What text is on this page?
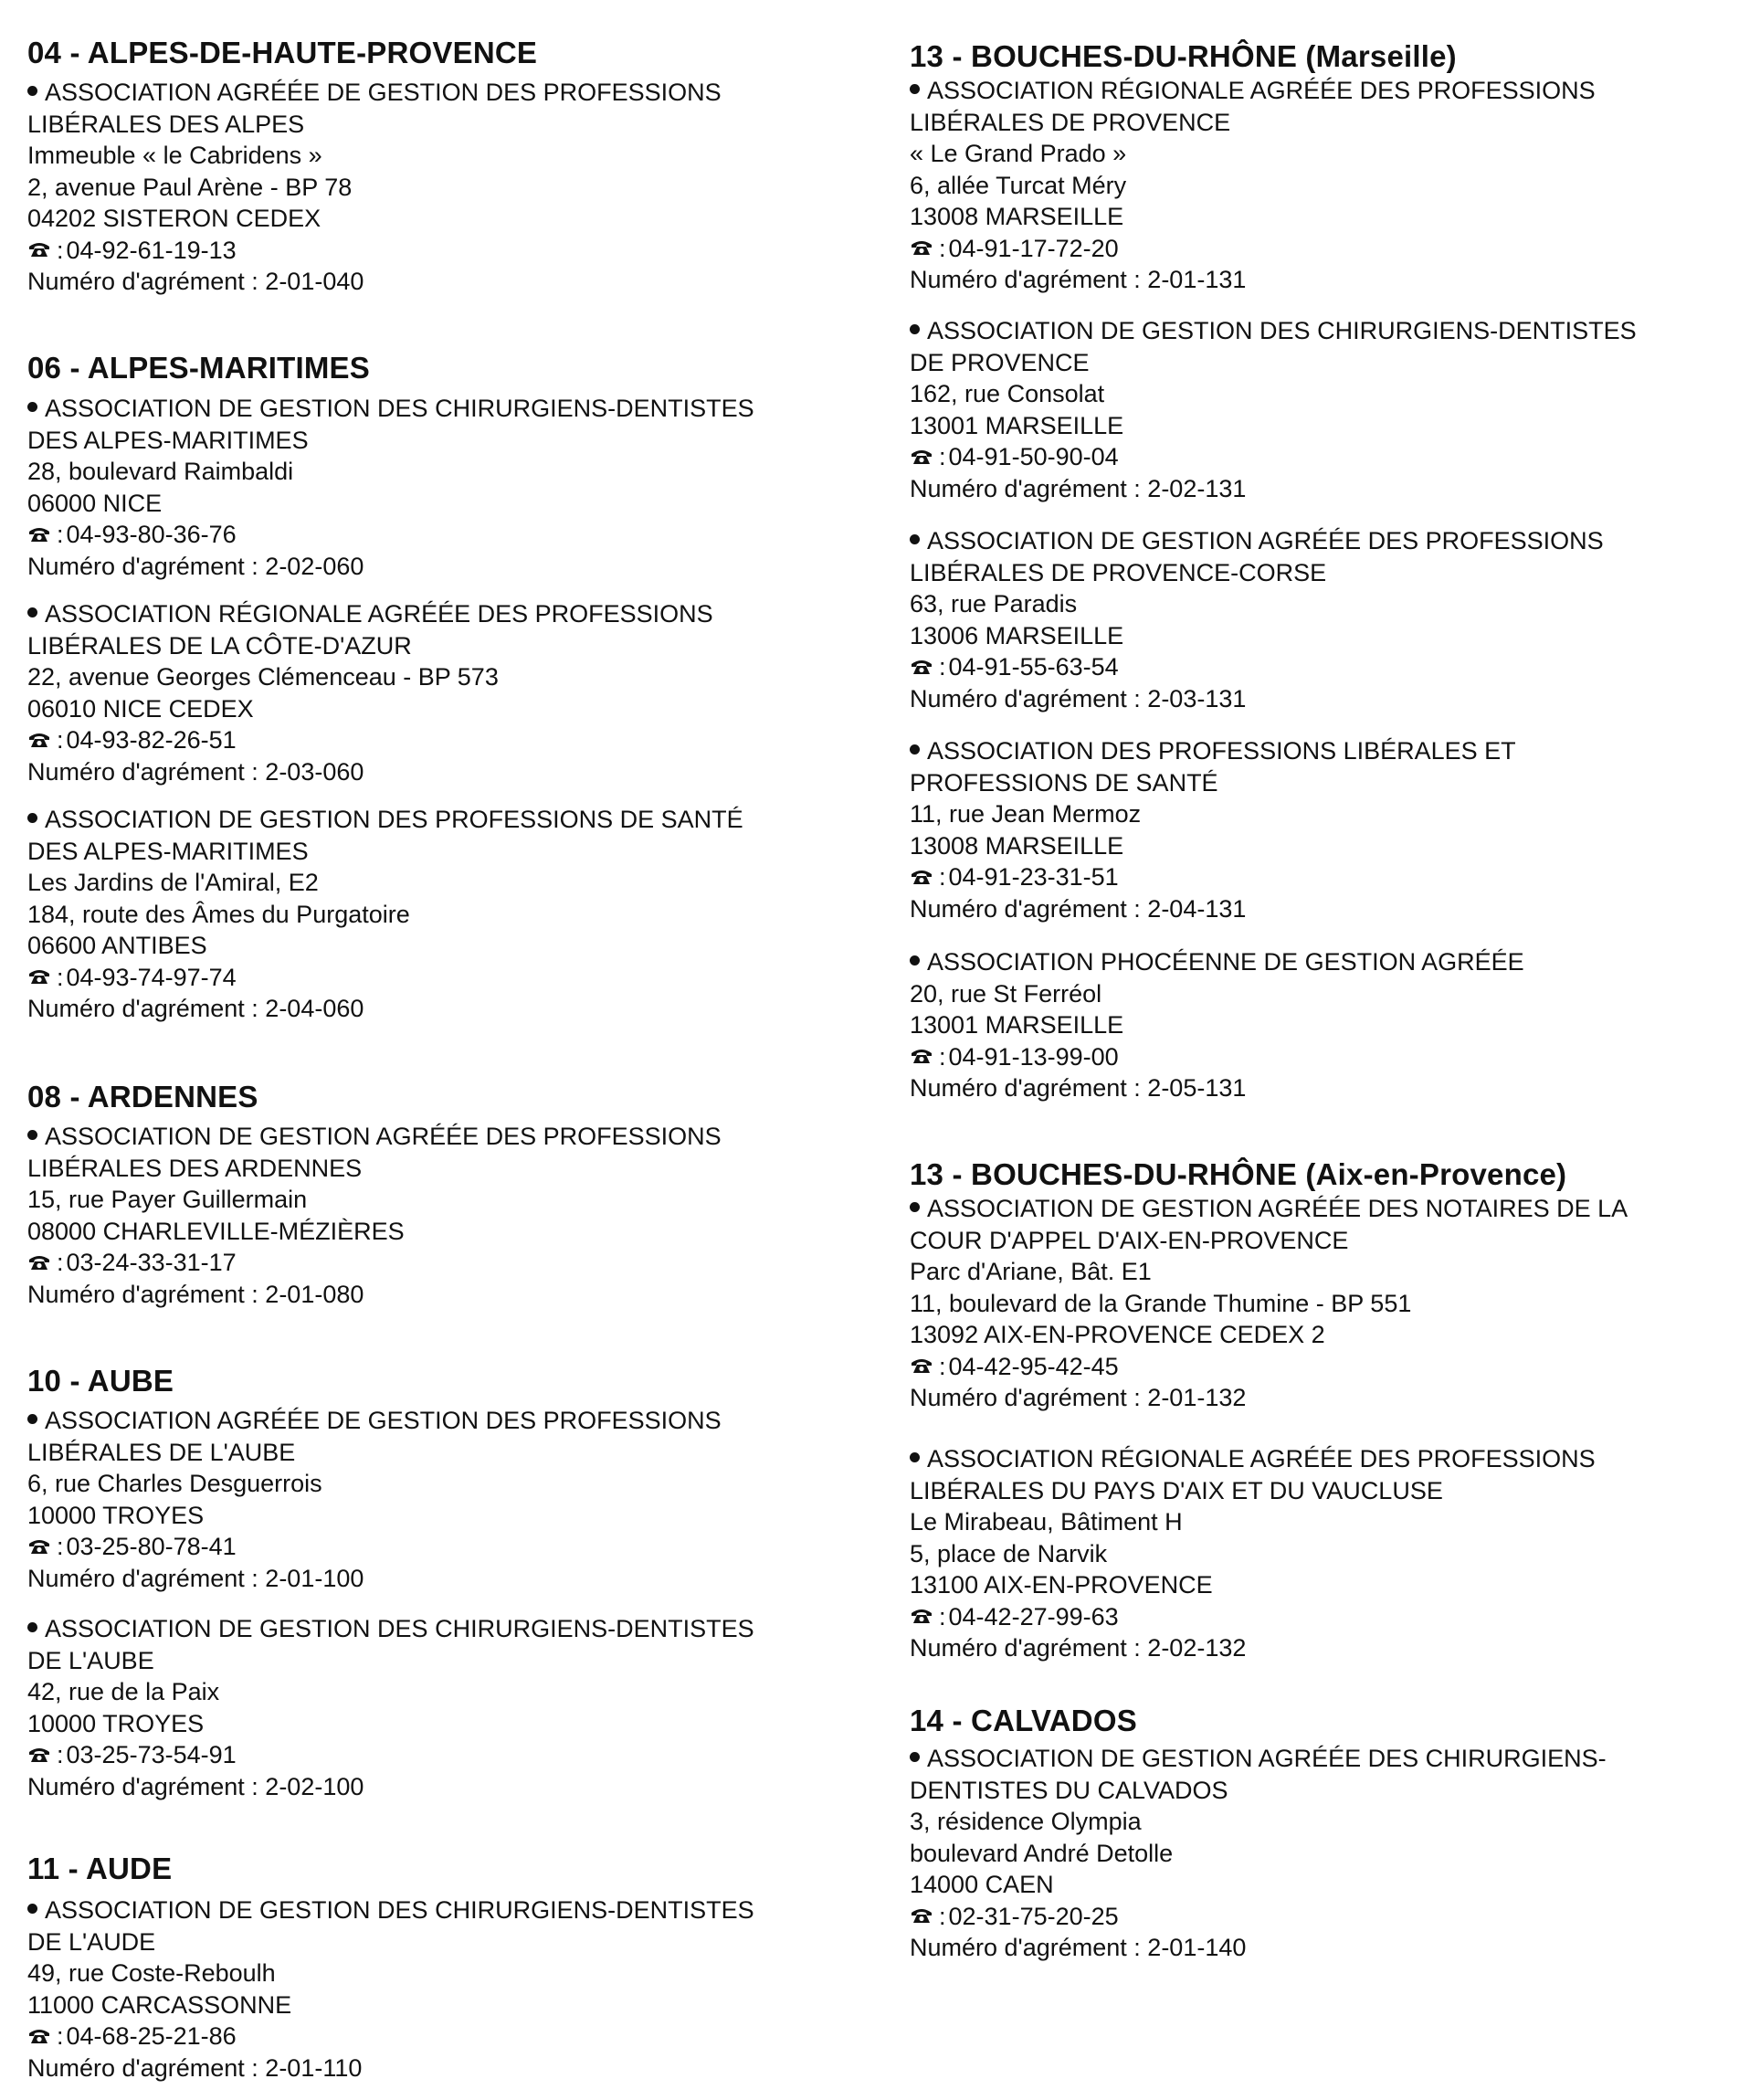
04 - ALPES-DE-HAUTE-PROVENCE
ASSOCIATION AGRÉÉE DE GESTION DES PROFESSIONS
LIBÉRALES DES ALPES
Immeuble « le Cabridens »
2, avenue Paul Arène - BP 78
04202 SISTERON CEDEX
: 04-92-61-19-13
Numéro d'agrément : 2-01-040
06 - ALPES-MARITIMES
ASSOCIATION DE GESTION DES CHIRURGIENS-DENTISTES
DES ALPES-MARITIMES
28, boulevard Raimbaldi
06000 NICE
: 04-93-80-36-76
Numéro d'agrément : 2-02-060
ASSOCIATION RÉGIONALE AGRÉÉE DES PROFESSIONS
LIBÉRALES DE LA CÔTE-D'AZUR
22, avenue Georges Clémenceau - BP 573
06010 NICE CEDEX
: 04-93-82-26-51
Numéro d'agrément : 2-03-060
ASSOCIATION DE GESTION DES PROFESSIONS DE SANTÉ
DES ALPES-MARITIMES
Les Jardins de l'Amiral, E2
184, route des Âmes du Purgatoire
06600 ANTIBES
: 04-93-74-97-74
Numéro d'agrément : 2-04-060
08 - ARDENNES
ASSOCIATION DE GESTION AGRÉÉE DES PROFESSIONS
LIBÉRALES DES ARDENNES
15, rue Payer Guillermain
08000 CHARLEVILLE-MÉZIÈRES
: 03-24-33-31-17
Numéro d'agrément : 2-01-080
10 - AUBE
ASSOCIATION AGRÉÉE DE GESTION DES PROFESSIONS
LIBÉRALES DE L'AUBE
6, rue Charles Desguerrois
10000 TROYES
: 03-25-80-78-41
Numéro d'agrément : 2-01-100
ASSOCIATION DE GESTION DES CHIRURGIENS-DENTISTES
DE L'AUBE
42, rue de la Paix
10000 TROYES
: 03-25-73-54-91
Numéro d'agrément : 2-02-100
11 - AUDE
ASSOCIATION DE GESTION DES CHIRURGIENS-DENTISTES
DE L'AUDE
49, rue Coste-Reboulh
11000 CARCASSONNE
: 04-68-25-21-86
Numéro d'agrément : 2-01-110
13 - BOUCHES-DU-RHÔNE (Marseille)
ASSOCIATION RÉGIONALE AGRÉÉE DES PROFESSIONS
LIBÉRALES DE PROVENCE
« Le Grand Prado »
6, allée Turcat Méry
13008 MARSEILLE
: 04-91-17-72-20
Numéro d'agrément : 2-01-131
ASSOCIATION DE GESTION DES CHIRURGIENS-DENTISTES
DE PROVENCE
162, rue Consolat
13001 MARSEILLE
: 04-91-50-90-04
Numéro d'agrément : 2-02-131
ASSOCIATION DE GESTION AGRÉÉE DES PROFESSIONS
LIBÉRALES DE PROVENCE-CORSE
63, rue Paradis
13006 MARSEILLE
: 04-91-55-63-54
Numéro d'agrément : 2-03-131
ASSOCIATION DES PROFESSIONS LIBÉRALES ET
PROFESSIONS DE SANTÉ
11, rue Jean Mermoz
13008 MARSEILLE
: 04-91-23-31-51
Numéro d'agrément : 2-04-131
ASSOCIATION PHOCÉENNE DE GESTION AGRÉÉE
20, rue St Ferréol
13001 MARSEILLE
: 04-91-13-99-00
Numéro d'agrément : 2-05-131
13 - BOUCHES-DU-RHÔNE (Aix-en-Provence)
ASSOCIATION DE GESTION AGRÉÉE DES NOTAIRES DE LA
COUR D'APPEL D'AIX-EN-PROVENCE
Parc d'Ariane, Bât. E1
11, boulevard de la Grande Thumine - BP 551
13092 AIX-EN-PROVENCE CEDEX 2
: 04-42-95-42-45
Numéro d'agrément : 2-01-132
ASSOCIATION RÉGIONALE AGRÉÉE DES PROFESSIONS
LIBÉRALES DU PAYS D'AIX ET DU VAUCLUSE
Le Mirabeau, Bâtiment H
5, place de Narvik
13100 AIX-EN-PROVENCE
: 04-42-27-99-63
Numéro d'agrément : 2-02-132
14 - CALVADOS
ASSOCIATION DE GESTION AGRÉÉE DES CHIRURGIENS-
DENTISTES DU CALVADOS
3, résidence Olympia
boulevard André Detolle
14000 CAEN
: 02-31-75-20-25
Numéro d'agrément : 2-01-140
